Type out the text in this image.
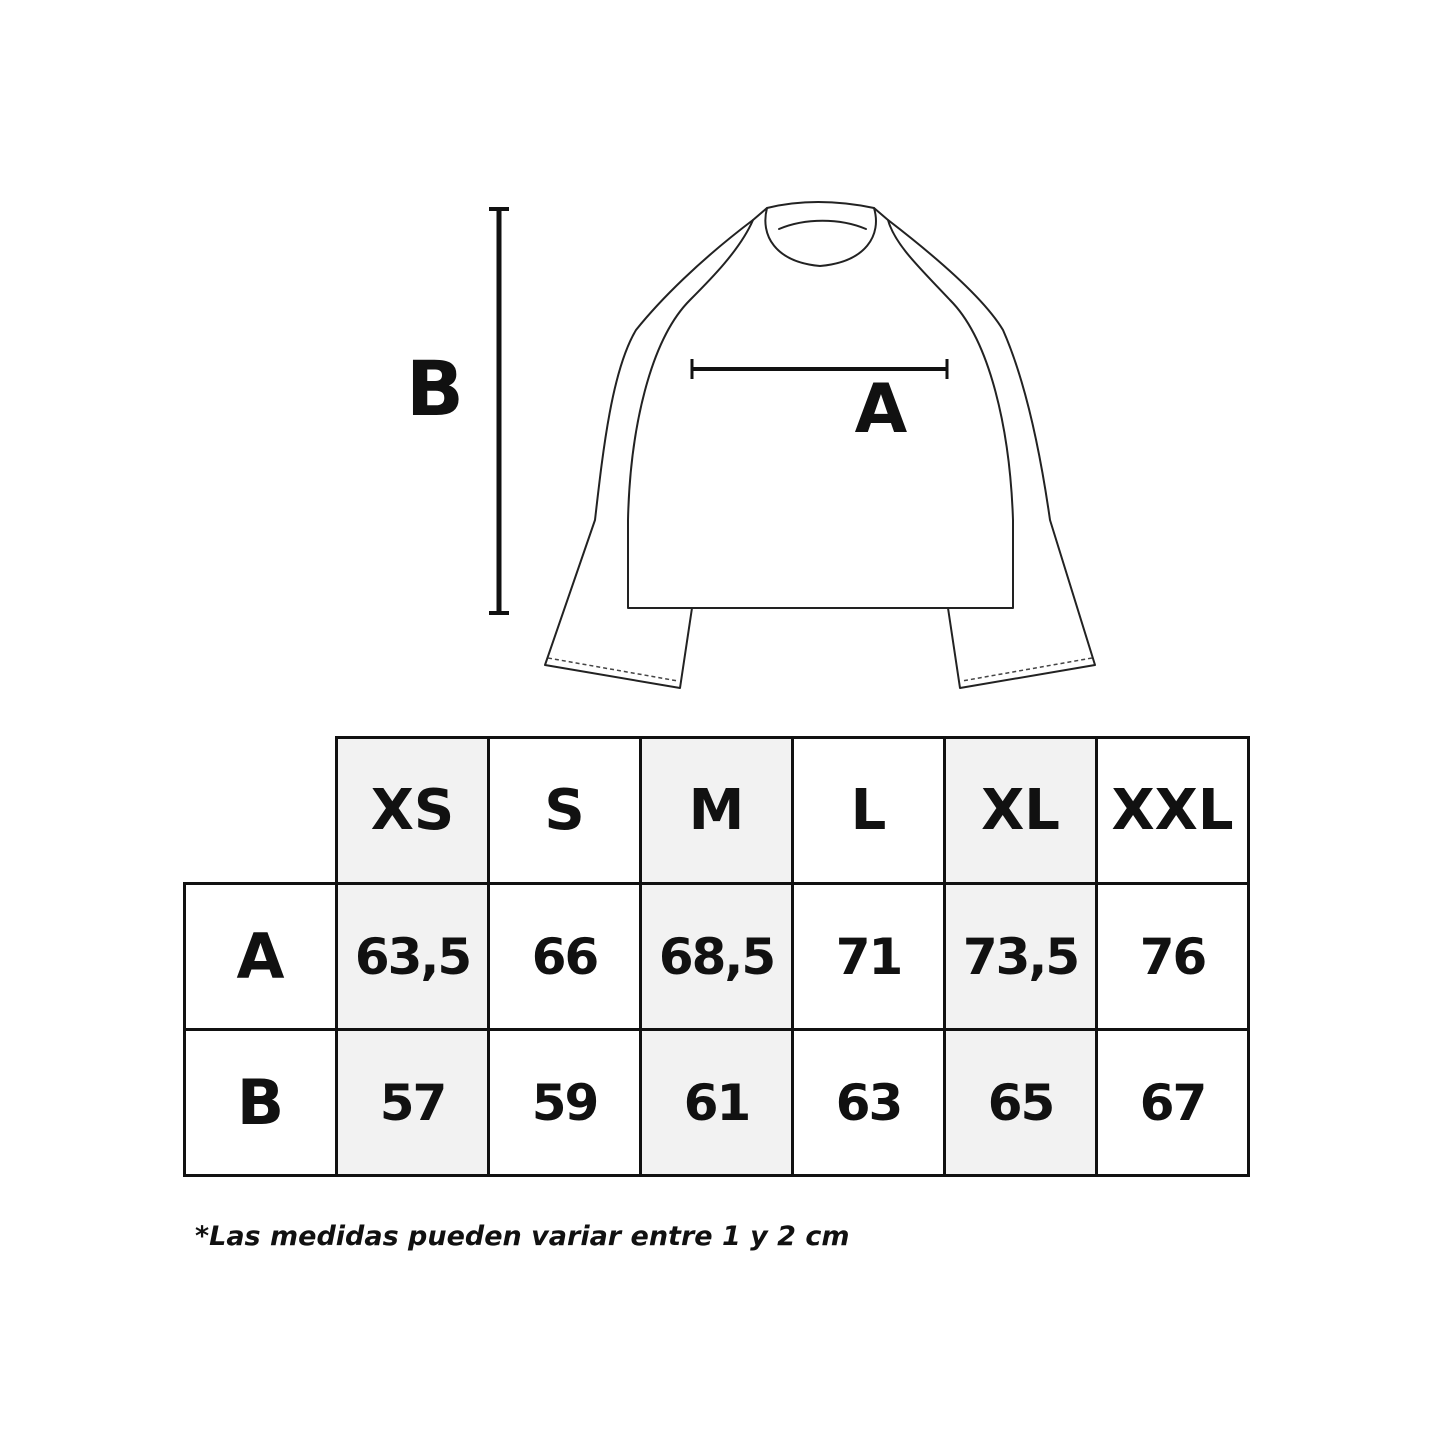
B	A
	XS	S	M	L	XL	XXL
A	63,5	66	68,5	71	73,5	76
B	57	59	61	63	65	67
*Las medidas pueden variar entre 1 y 2 cm
